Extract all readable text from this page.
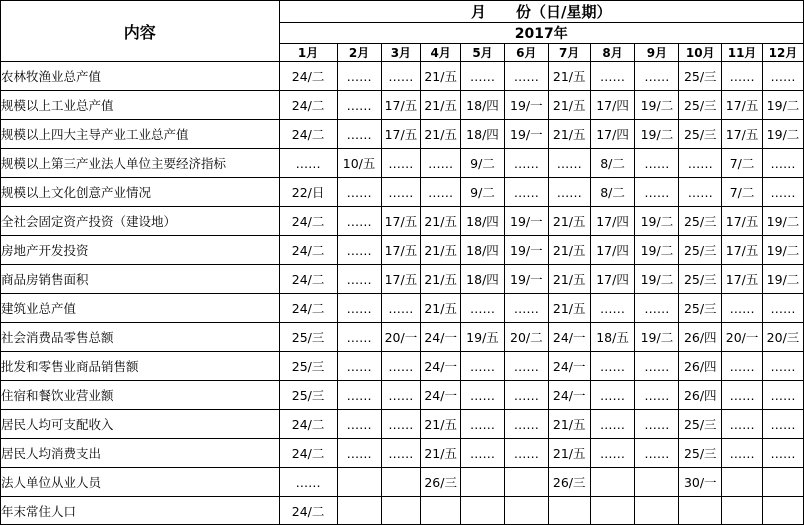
内容	月　　份（日/星期）											
	2017年											
	1月	2月	3月	4月	5月	6月	7月	8月	9月	10月	11月	12月
农林牧渔业总产值	24/二	……	……	21/五	……	……	21/五	……	……	25/三	……	……
规模以上工业总产值	24/二	……	17/五	21/五	18/四	19/一	21/五	17/四	19/二	25/三	17/五	19/二
规模以上四大主导产业工业总产值	24/二	……	17/五	21/五	18/四	19/一	21/五	17/四	19/二	25/三	17/五	19/二
规模以上第三产业法人单位主要经济指标	……	10/五	……	……	9/二	……	……	8/二	……	……	7/二	……
规模以上文化创意产业情况	22/日	……	……	……	9/二	……	……	8/二	……	……	7/二	……
全社会固定资产投资（建设地）	24/二	……	17/五	21/五	18/四	19/一	21/五	17/四	19/二	25/三	17/五	19/二
房地产开发投资	24/二	……	17/五	21/五	18/四	19/一	21/五	17/四	19/二	25/三	17/五	19/二
商品房销售面积	24/二	……	17/五	21/五	18/四	19/一	21/五	17/四	19/二	25/三	17/五	19/二
建筑业总产值	24/二	……	……	21/五	……	……	21/五	……	……	25/三	……	……
社会消费品零售总额	25/三	……	20/一	24/一	19/五	20/二	24/一	18/五	19/二	26/四	20/一	20/三
批发和零售业商品销售额	25/三	……	……	24/一	……	……	24/一	……	……	26/四	……	……
住宿和餐饮业营业额	25/三	……	……	24/一	……	……	24/一	……	……	26/四	……	……
居民人均可支配收入	24/二	……	……	21/五	……	……	21/五	……	……	25/三	……	……
居民人均消费支出	24/二	……	……	21/五	……	……	21/五	……	……	25/三	……	……
法人单位从业人员	……			26/三			26/三			30/一		
年末常住人口	24/二											
